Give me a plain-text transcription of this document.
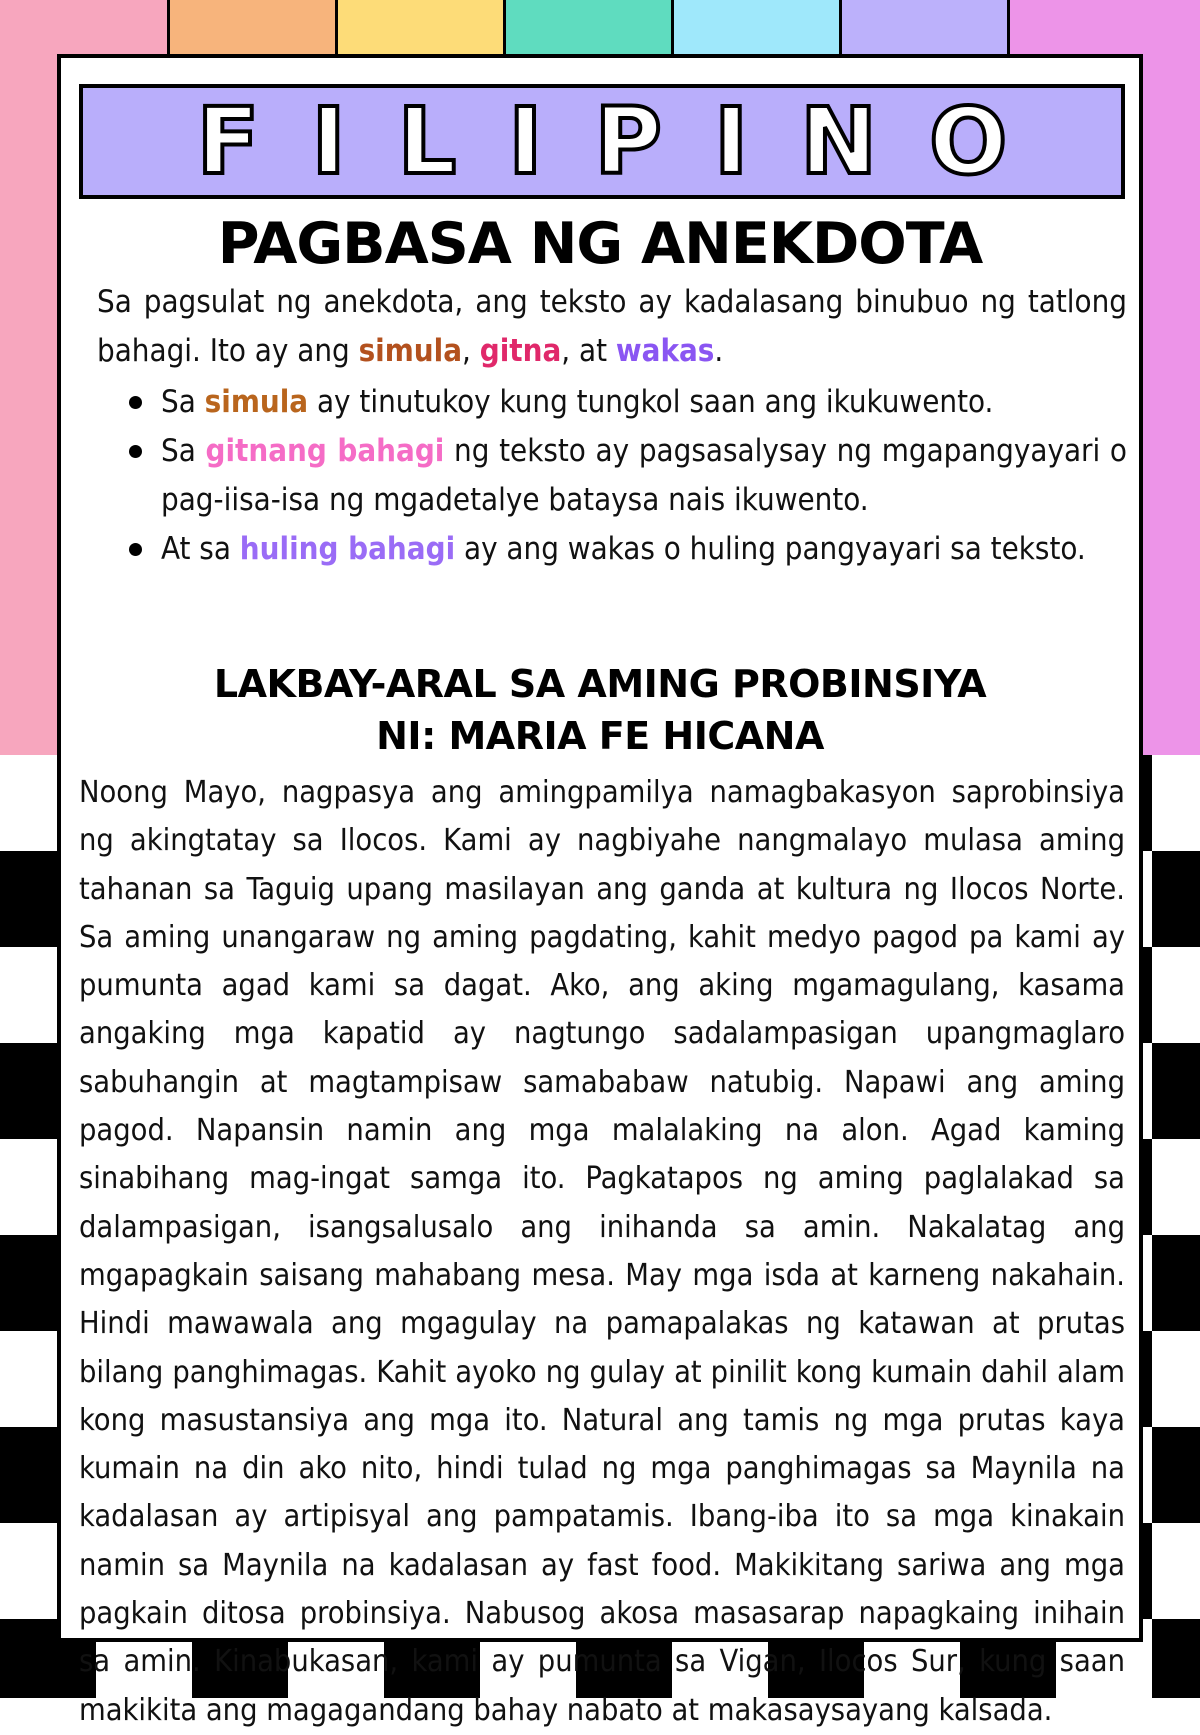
FILIPINO
PAGBASA NG ANEKDOTA
Sa pagsulat ng anekdota, ang teksto ay kadalasang binubuo ng tatlong bahagi. Ito ay ang simula, gitna, at wakas.
Sa simula ay tinutukoy kung tungkol saan ang ikukuwento.
Sa gitnang bahagi ng teksto ay pagsasalysay ng mgapangyayari o pag-iisa-isa ng mgadetalye bataysa nais ikuwento.
At sa huling bahagi ay ang wakas o huling pangyayari sa teksto.
LAKBAY-ARAL SA AMING PROBINSIYA
NI: MARIA FE HICANA
Noong Mayo, nagpasya ang amingpamilya namagbakasyon saprobinsiya ng akingtatay sa Ilocos. Kami ay nagbiyahe nangmalayo mulasa aming tahanan sa Taguig upang masilayan ang ganda at kultura ng Ilocos Norte. Sa aming unangaraw ng aming pagdating, kahit medyo pagod pa kami ay pumunta agad kami sa dagat. Ako, ang aking mgamagulang, kasama angaking mga kapatid ay nagtungo sadalampasigan upangmaglaro sabuhangin at magtampisaw samababaw natubig. Napawi ang aming pagod. Napansin namin ang mga malalaking na alon. Agad kaming sinabihang mag-ingat samga ito. Pagkatapos ng aming paglalakad sa dalampasigan, isangsalusalo ang inihanda sa amin. Nakalatag ang mgapagkain saisang mahabang mesa. May mga isda at karneng nakahain. Hindi mawawala ang mgagulay na pamapalakas ng katawan at prutas bilang panghimagas. Kahit ayoko ng gulay at pinilit kong kumain dahil alam kong masustansiya ang mga ito. Natural ang tamis ng mga prutas kaya kumain na din ako nito, hindi tulad ng mga panghimagas sa Maynila na kadalasan ay artipisyal ang pampatamis. Ibang-iba ito sa mga kinakain namin sa Maynila na kadalasan ay fast food. Makikitang sariwa ang mga pagkain ditosa probinsiya. Nabusog akosa masasarap napagkaing inihain sa amin. Kinabukasan, kami ay pumunta sa Vigan, Ilocos Sur, kung saan makikita ang magagandang bahay nabato at makasaysayang kalsada.
